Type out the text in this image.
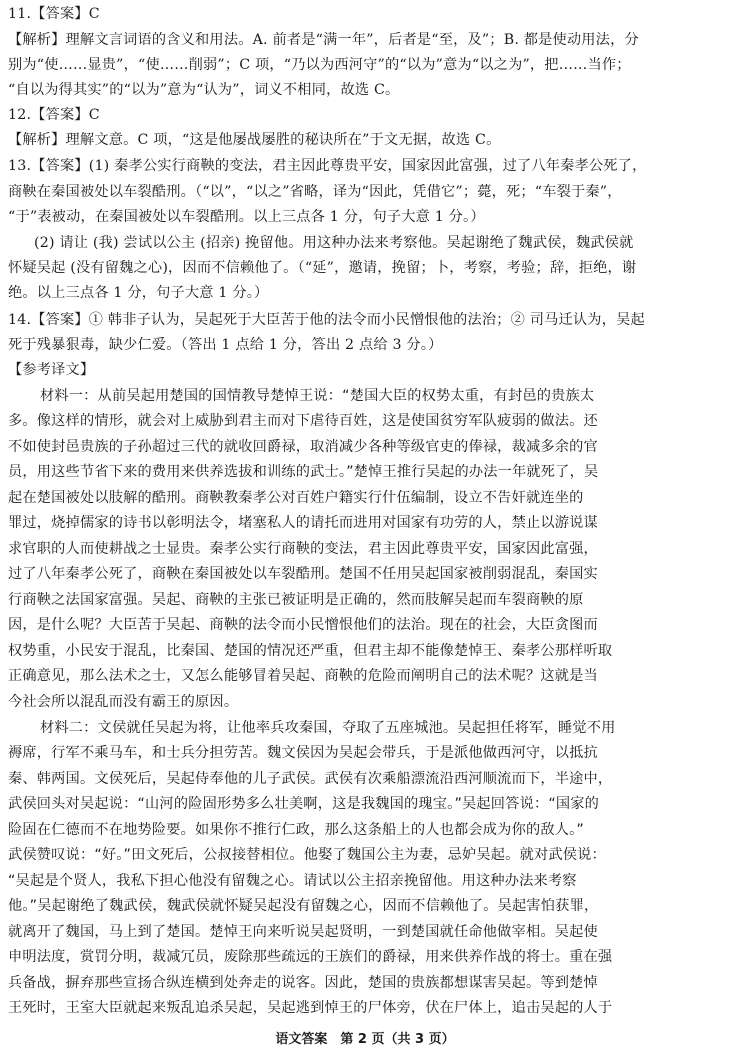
11.【答案】C
【解析】理解文言词语的含义和用法。A. 前者是“满一年”，后者是“至，及”；B. 都是使动用法，分
别为“使……显贵”，“使……削弱”；C 项，“乃以为西河守”的“以为”意为“以之为”，把……当作；
“自以为得其实”的“以为”意为“认为”，词义不相同，故选 C。
12.【答案】C
【解析】理解文意。C 项，“这是他屡战屡胜的秘诀所在”于文无据，故选 C。
13.【答案】(1) 秦孝公实行商鞅的变法，君主因此尊贵平安，国家因此富强，过了八年秦孝公死了，
商鞅在秦国被处以车裂酷刑。（“以”，“以之”省略，译为“因此，凭借它”；薨，死；“车裂于秦”，
“于”表被动，在秦国被处以车裂酷刑。以上三点各 1 分，句子大意 1 分。）
(2) 请让 (我) 尝试以公主 (招亲) 挽留他。用这种办法来考察他。吴起谢绝了魏武侯，魏武侯就
怀疑吴起 (没有留魏之心)，因而不信赖他了。（“延”，邀请，挽留；卜，考察，考验；辞，拒绝，谢
绝。以上三点各 1 分，句子大意 1 分。）
14.【答案】① 韩非子认为，吴起死于大臣苦于他的法令而小民憎恨他的法治；② 司马迁认为，吴起
死于残暴狠毒，缺少仁爱。（答出 1 点给 1 分，答出 2 点给 3 分。）
【参考译文】
材料一：从前吴起用楚国的国情教导楚悼王说：“楚国大臣的权势太重，有封邑的贵族太
多。像这样的情形，就会对上威胁到君主而对下虐待百姓，这是使国贫穷军队疲弱的做法。还
不如使封邑贵族的子孙超过三代的就收回爵禄，取消减少各种等级官吏的俸禄，裁减多余的官
员，用这些节省下来的费用来供养选拔和训练的武士。”楚悼王推行吴起的办法一年就死了，吴
起在楚国被处以肢解的酷刑。商鞅教秦孝公对百姓户籍实行什伍编制，设立不告奸就连坐的
罪过，烧掉儒家的诗书以彰明法令，堵塞私人的请托而进用对国家有功劳的人，禁止以游说谋
求官职的人而使耕战之士显贵。秦孝公实行商鞅的变法，君主因此尊贵平安，国家因此富强，
过了八年秦孝公死了，商鞅在秦国被处以车裂酷刑。楚国不任用吴起国家被削弱混乱，秦国实
行商鞅之法国家富强。吴起、商鞅的主张已被证明是正确的，然而肢解吴起而车裂商鞅的原
因，是什么呢？大臣苦于吴起、商鞅的法令而小民憎恨他们的法治。现在的社会，大臣贪图而
权势重，小民安于混乱，比秦国、楚国的情况还严重，但君主却不能像楚悼王、秦孝公那样听取
正确意见，那么法术之士，又怎么能够冒着吴起、商鞅的危险而阐明自己的法术呢？这就是当
今社会所以混乱而没有霸王的原因。
材料二：文侯就任吴起为将，让他率兵攻秦国，夺取了五座城池。吴起担任将军，睡觉不用
褥席，行军不乘马车，和士兵分担劳苦。魏文侯因为吴起会带兵，于是派他做西河守，以抵抗
秦、韩两国。文侯死后，吴起侍奉他的儿子武侯。武侯有次乘船漂流沿西河顺流而下，半途中，
武侯回头对吴起说：“山河的险固形势多么壮美啊，这是我魏国的瑰宝。”吴起回答说：“国家的
险固在仁德而不在地势险要。如果你不推行仁政，那么这条船上的人也都会成为你的敌人。”
武侯赞叹说：“好。”田文死后，公叔接替相位。他娶了魏国公主为妻，忌妒吴起。就对武侯说：
“吴起是个贤人，我私下担心他没有留魏之心。请试以公主招亲挽留他。用这种办法来考察
他。”吴起谢绝了魏武侯，魏武侯就怀疑吴起没有留魏之心，因而不信赖他了。吴起害怕获罪，
就离开了魏国，马上到了楚国。楚悼王向来听说吴起贤明，一到楚国就任命他做宰相。吴起使
申明法度，赏罚分明，裁减冗员，废除那些疏远的王族们的爵禄，用来供养作战的将士。重在强
兵备战，摒弃那些宣扬合纵连横到处奔走的说客。因此，楚国的贵族都想谋害吴起。等到楚悼
王死时，王室大臣就起来叛乱追杀吴起，吴起逃到悼王的尸体旁，伏在尸体上，追击吴起的人于
语文答案　第 2 页（共 3 页）
